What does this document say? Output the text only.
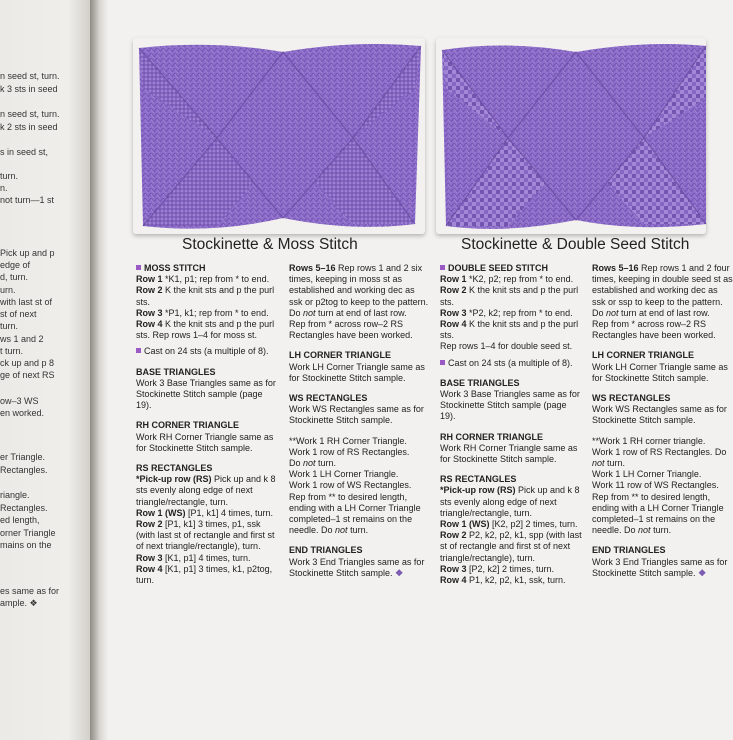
n seed st, turn.
k 3 sts in seed
n seed st, turn.
k 2 sts in seed
s in seed st,
turn.
n.
not turn—1 st
Pick up and p
edge of
d, turn.
urn.
with last st of
st of next
turn.
ws 1 and 2
t turn.
ck up and p 8
ge of next RS
ow–3 WS
en worked.
er Triangle.
Rectangles.
riangle.
Rectangles.
ed length,
orner Triangle
mains on the
es same as for
ample. ❖
Stockinette & Moss Stitch	Stockinette & Double Seed Stitch

MOSS STITCH

Row 1 *K1, p1; rep from * to end.

Row 2 K the knit sts and p the purl sts.

Row 3 *P1, k1; rep from * to end.

Row 4 K the knit sts and p the purl sts. Rep rows 1–4 for moss st.

Cast on 24 sts (a multiple of 8).

BASE TRIANGLES

Work 3 Base Triangles same as for Stockinette Stitch sample (page 19).

RH CORNER TRIANGLE

Work RH Corner Triangle same as for Stockinette Stitch sample.

RS RECTANGLES

*Pick-up row (RS) Pick up and k 8 sts evenly along edge of next triangle/rectangle, turn.

Row 1 (WS) [P1, k1] 4 times, turn.

Row 2 [P1, k1] 3 times, p1, ssk (with last st of rectangle and first st of next triangle/rectangle), turn.

Row 3 [K1, p1] 4 times, turn.

Row 4 [K1, p1] 3 times, k1, p2tog, turn.

Rows 5–16 Rep rows 1 and 2 six times, keeping in moss st as established and working dec as ssk or p2tog to keep to the pattern. Do not turn at end of last row.

Rep from * across row–2 RS Rectangles have been worked.

LH CORNER TRIANGLE

Work LH Corner Triangle same as for Stockinette Stitch sample.

WS RECTANGLES

Work WS Rectangles same as for Stockinette Stitch sample.

**Work 1 RH Corner Triangle.

Work 1 row of RS Rectangles.

Do not turn.

Work 1 LH Corner Triangle.

Work 1 row of WS Rectangles.

Rep from ** to desired length, ending with a LH Corner Triangle completed–1 st remains on the needle. Do not turn.

END TRIANGLES

Work 3 End Triangles same as for Stockinette Stitch sample. ❖

DOUBLE SEED STITCH

Row 1 *K2, p2; rep from * to end.

Row 2 K the knit sts and p the purl sts.

Row 3 *P2, k2; rep from * to end.

Row 4 K the knit sts and p the purl sts.

Rep rows 1–4 for double seed st.

Cast on 24 sts (a multiple of 8).

BASE TRIANGLES

Work 3 Base Triangles same as for Stockinette Stitch sample (page 19).

RH CORNER TRIANGLE

Work RH Corner Triangle same as for Stockinette Stitch sample.

RS RECTANGLES

*Pick-up row (RS) Pick up and k 8 sts evenly along edge of next triangle/rectangle, turn.

Row 1 (WS) [K2, p2] 2 times, turn.

Row 2 P2, k2, p2, k1, spp (with last st of rectangle and first st of next triangle/rectangle), turn.

Row 3 [P2, k2] 2 times, turn.

Row 4 P1, k2, p2, k1, ssk, turn.

Rows 5–16 Rep rows 1 and 2 four times, keeping in double seed st as established and working dec as ssk or ssp to keep to the pattern. Do not turn at end of last row.

Rep from * across row–2 RS Rectangles have been worked.

LH CORNER TRIANGLE

Work LH Corner Triangle same as for Stockinette Stitch sample.

WS RECTANGLES

Work WS Rectangles same as for Stockinette Stitch sample.

**Work 1 RH corner triangle.

Work 1 row of RS Rectangles. Do not turn.

Work 1 LH Corner Triangle.

Work 11 row of WS Rectangles.

Rep from ** to desired length, ending with a LH Corner Triangle completed–1 st remains on the needle. Do not turn.

END TRIANGLES

Work 3 End Triangles same as for Stockinette Stitch sample. ❖
